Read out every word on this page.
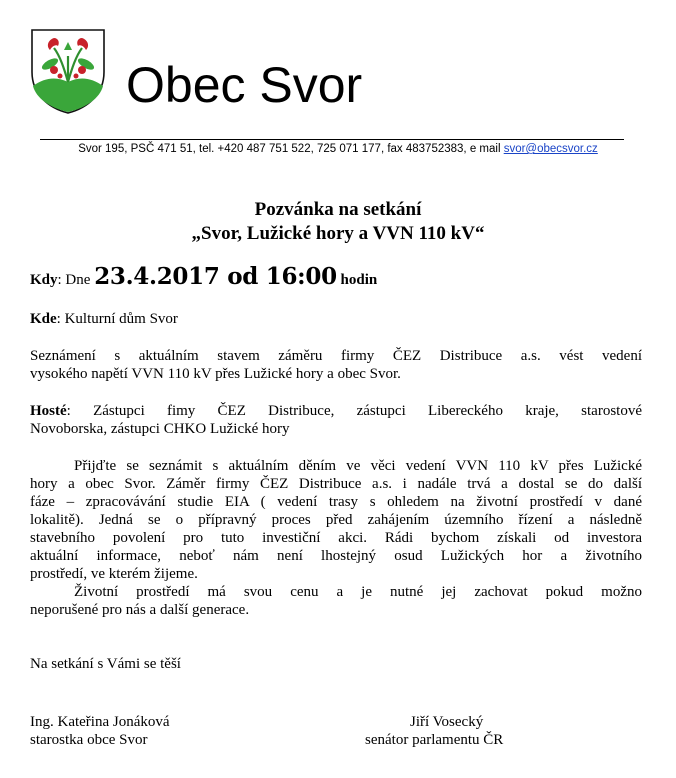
Obec Svor
Svor 195, PSČ 471 51, tel. +420 487 751 522, 725 071 177, fax 483752383, e mail svor@obecsvor.cz
Pozvánka na setkání
„Svor, Lužické hory a VVN 110 kV“
Kdy: Dne 23.4.2017 od 16:00 hodin
Kde: Kulturní dům Svor
Seznámení s aktuálním stavem záměru firmy ČEZ Distribuce a.s. vést vedení
vysokého napětí VVN 110 kV přes Lužické hory a obec Svor.
Hosté: Zástupci fimy ČEZ Distribuce, zástupci Libereckého kraje, starostové
Novoborska, zástupci CHKO Lužické hory
Přijďte se seznámit s aktuálním děním ve věci vedení VVN 110 kV přes Lužické
hory a obec Svor. Záměr firmy ČEZ Distribuce a.s. i nadále trvá a dostal se do další
fáze – zpracovávání studie EIA ( vedení trasy s ohledem na životní prostředí v dané
lokalitě). Jedná se o přípravný proces před zahájením územního řízení a následně
stavebního povolení pro tuto investiční akci. Rádi bychom získali od investora
aktuální informace, neboť nám není lhostejný osud Lužických hor a životního
prostředí, ve kterém žijeme.
Životní prostředí má svou cenu a je nutné jej zachovat pokud možno
neporušené pro nás a další generace.
Na setkání s Vámi se těší
Ing. Kateřina Jonáková
starostka obce Svor
Jiří Vosecký
senátor parlamentu ČR
